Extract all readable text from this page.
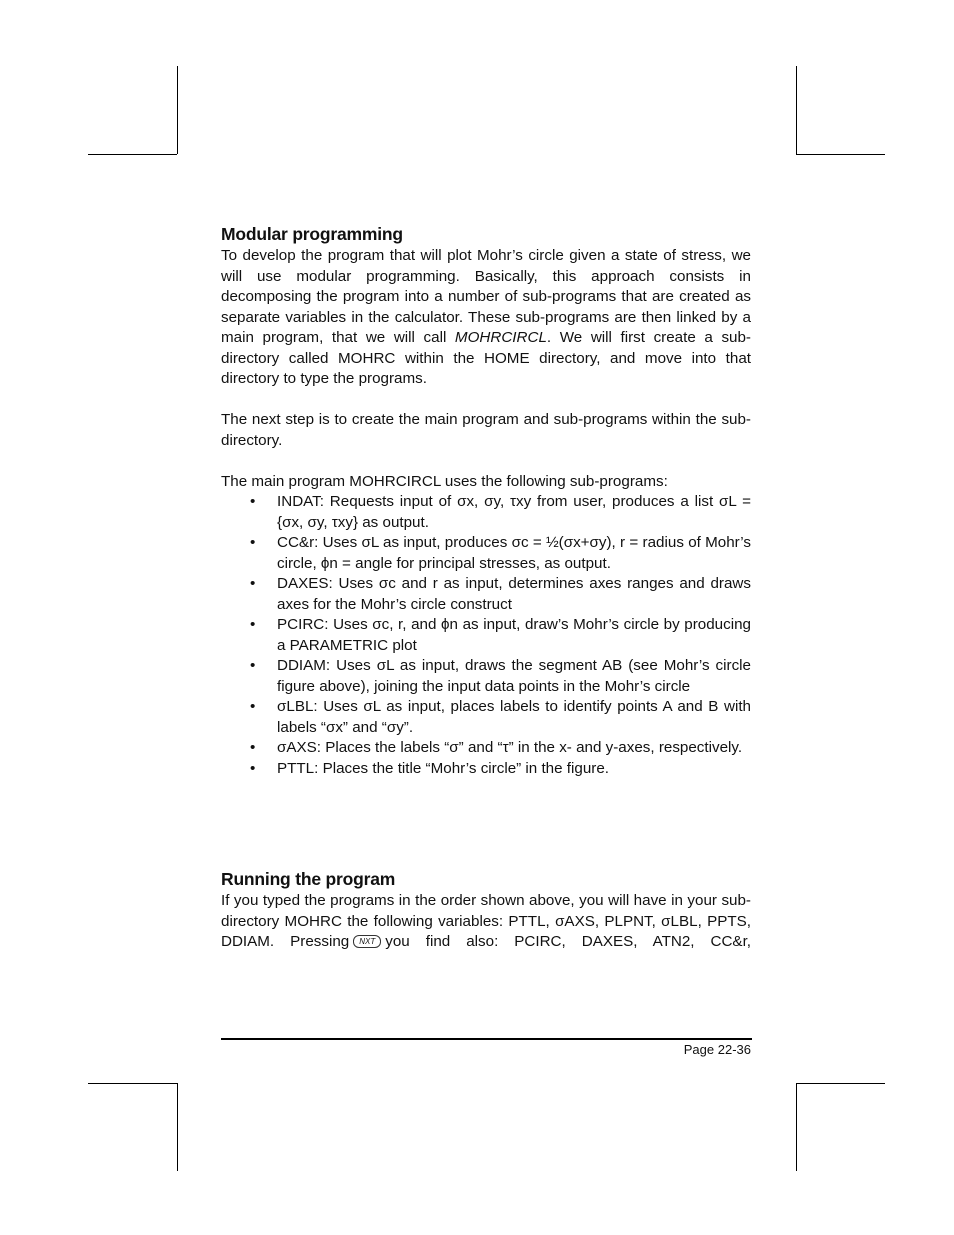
Modular programming

To develop the program that will plot Mohr’s circle given a state of stress, we will use modular programming. Basically, this approach consists in decomposing the program into a number of sub-programs that are created as separate variables in the calculator. These sub-programs are then linked by a main program, that we will call MOHRCIRCL. We will first create a sub-directory called MOHRC within the HOME directory, and move into that directory to type the programs.

The next step is to create the main program and sub-programs within the sub-directory.

The main program MOHRCIRCL uses the following sub-programs:

• INDAT: Requests input of σx, σy, τxy from user, produces a list σL = {σx, σy, τxy} as output.
• CC&r: Uses σL as input, produces σc = ½(σx+σy), r = radius of Mohr’s circle, ϕn = angle for principal stresses, as output.
• DAXES: Uses σc and r as input, determines axes ranges and draws axes for the Mohr’s circle construct
• PCIRC: Uses σc, r, and ϕn as input, draw’s Mohr’s circle by producing a PARAMETRIC plot
• DDIAM: Uses σL as input, draws the segment AB (see Mohr’s circle figure above), joining the input data points in the Mohr’s circle
• σLBL: Uses σL as input, places labels to identify points A and B with labels “σx” and “σy”.
• σAXS: Places the labels “σ” and “τ” in the x- and y-axes, respectively.
• PTTL: Places the title “Mohr’s circle” in the figure.
Running the program

If you typed the programs in the order shown above, you will have in your sub-directory MOHRC the following variables: PTTL, σAXS, PLPNT, σLBL, PPTS, DDIAM. Pressing NXT you find also: PCIRC, DAXES, ATN2, CC&r,

Page 22-36
